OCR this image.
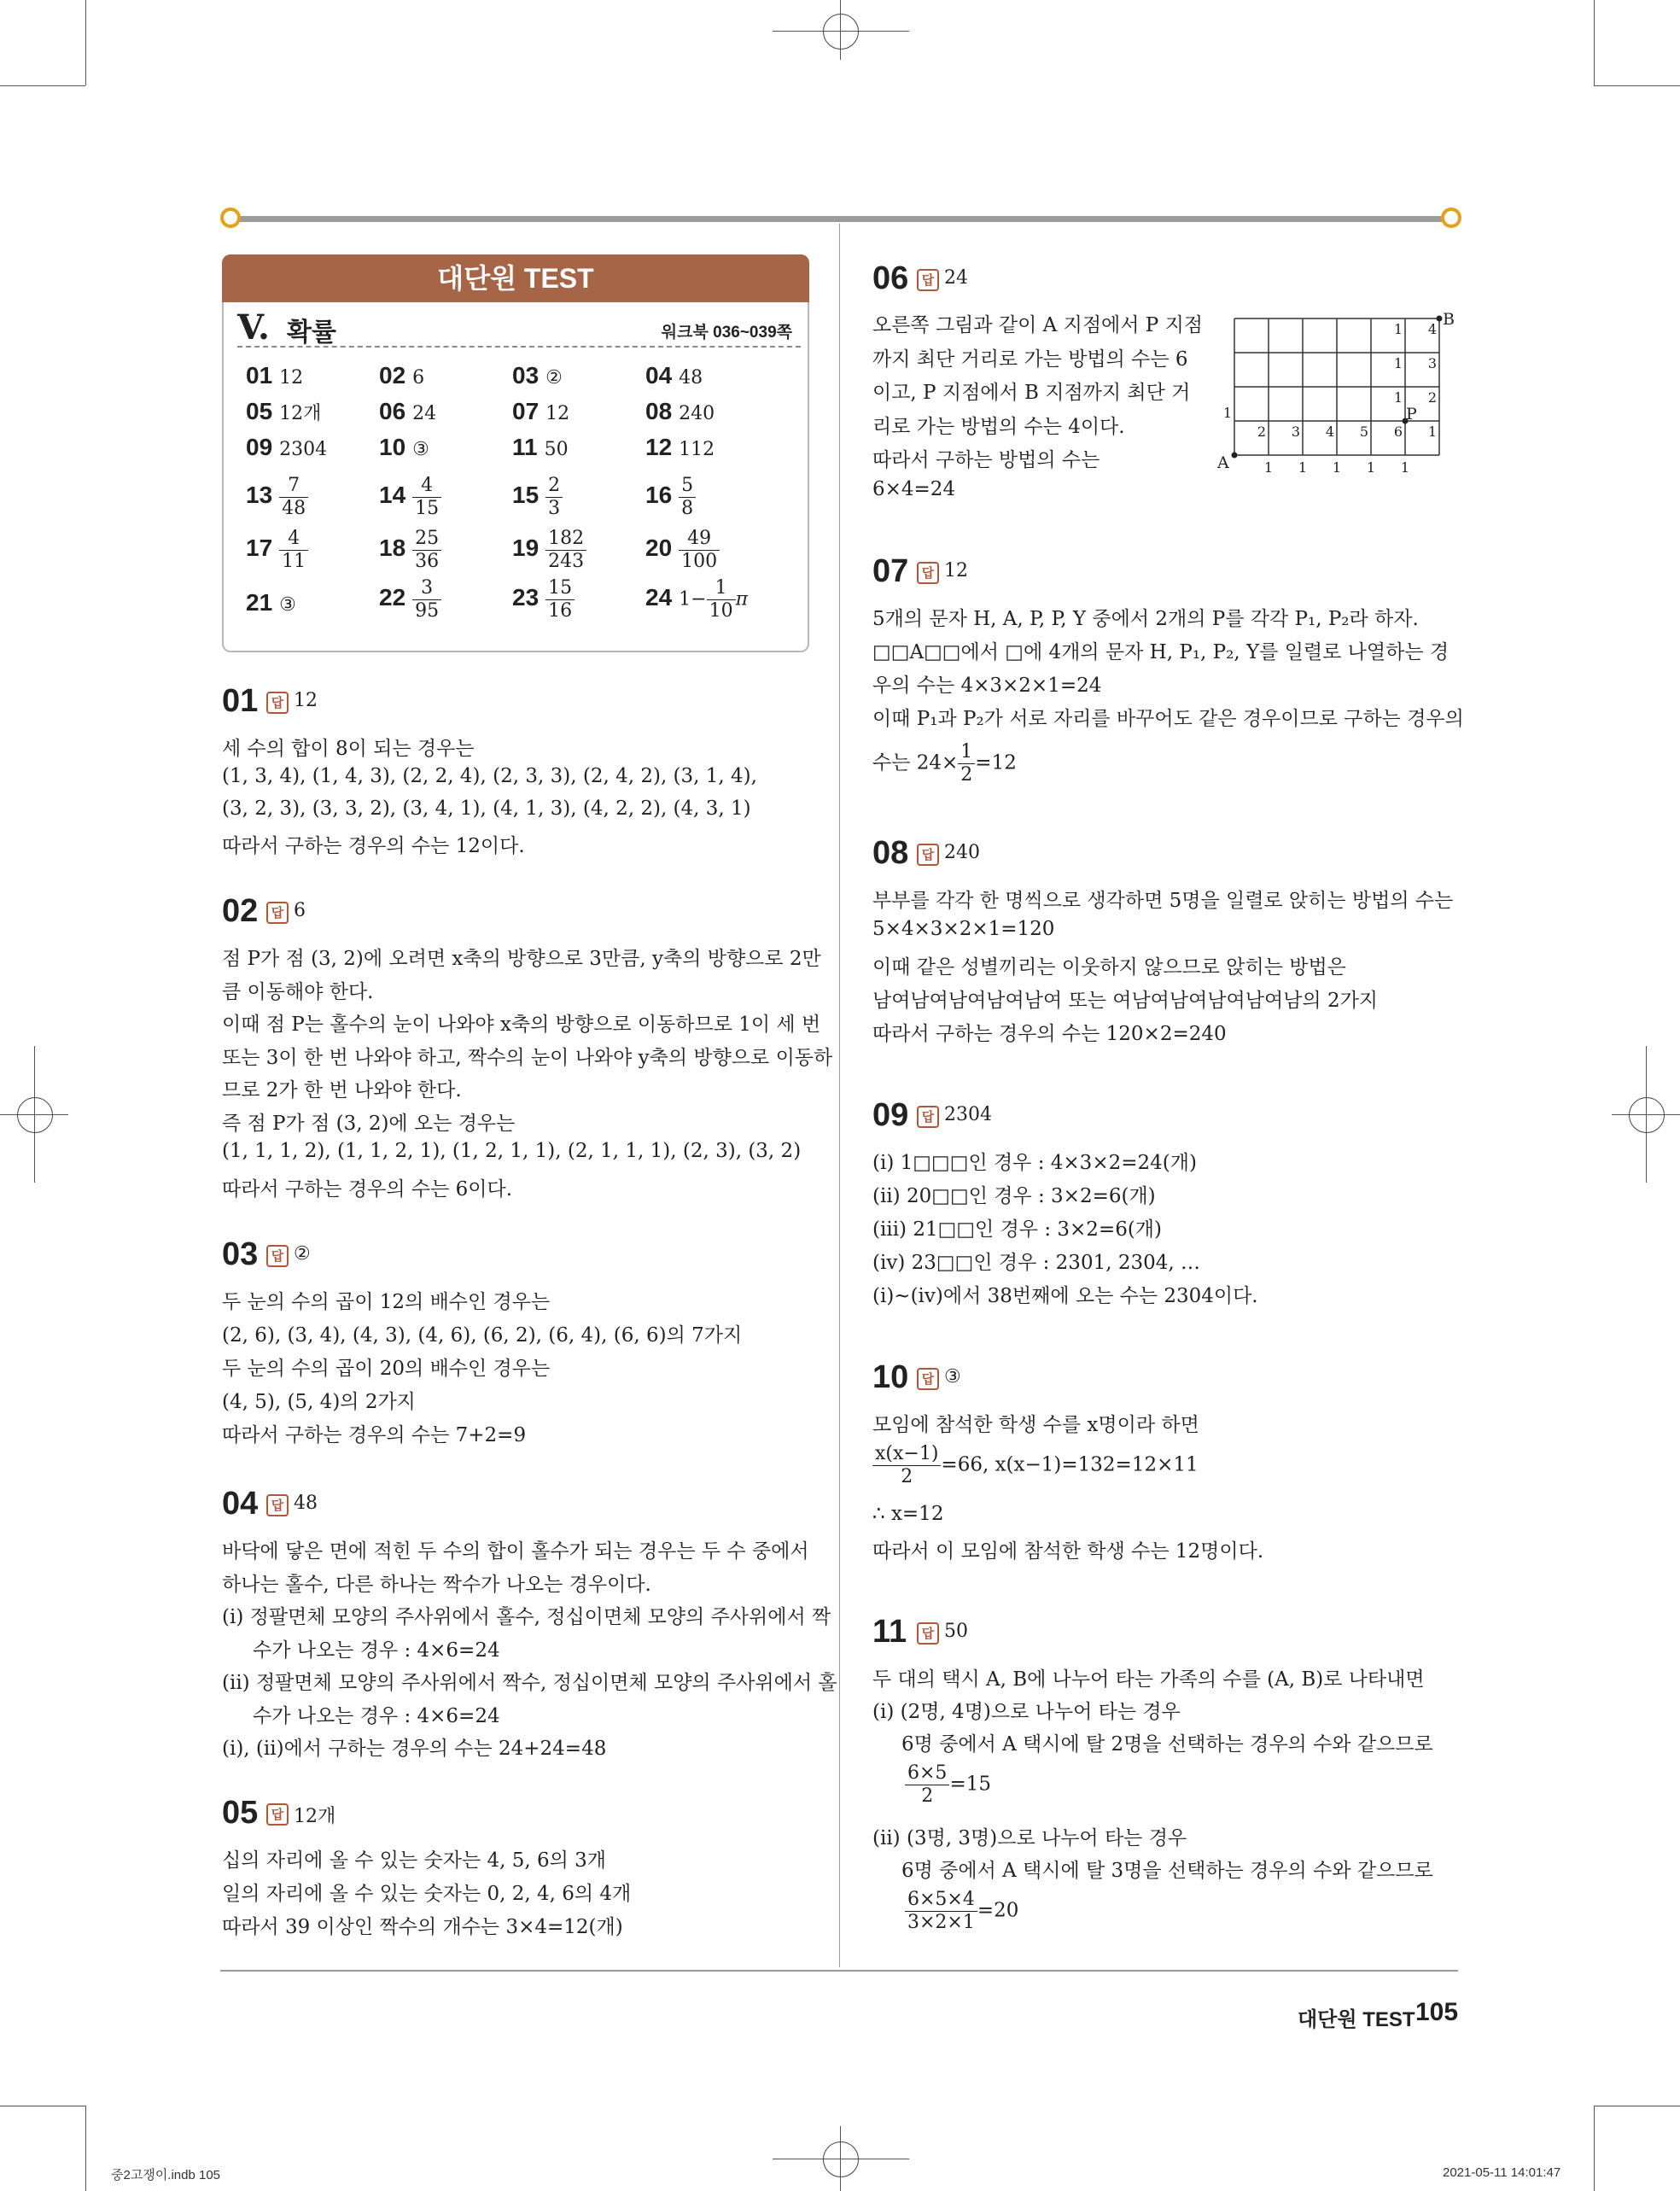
대단원 TEST
V. 확률	워크북 036~039쪽
01 12	02 6	03 ②	04 48
05 12개 06 24	07 12	08 240
09 2304 10 ③	11 50	12 112
$13 \frac{7}{48}$	$14 \frac{4}{15}$	$15 \frac{2}{3}$	$16 \frac{5}{8}$
$17 \frac{4}{11}$	$18 \frac{25}{36}$	$19 \frac{182}{243} 20 \frac{49}{100}$
21 ③	$22 \frac{3}{95}$	$23 \frac{15}{16}$	24 $1- \frac{1}{10}$ π
01	답 12
세 수의 합이 8이 되는 경우는
(1, 3, 4), (1, 4, 3), (2, 2, 4), (2, 3, 3), (2, 4, 2), (3, 1, 4),
(3, 2, 3), (3, 3, 2), (3, 4, 1), (4, 1, 3), (4, 2, 2), (4, 3, 1)
따라서 구하는 경우의 수는 12이다.
02	답 6
점 P가 점 (3, 2)에 오려면 x축의 방향으로 3만큼, y축의 방향으로 2만
큼 이동해야 한다.
이때 점 P는 홀수의 눈이 나와야 x축의 방향으로 이동하므로 1이 세 번
또는 3이 한 번 나와야 하고, 짝수의 눈이 나와야 y축의 방향으로 이동하
므로 2가 한 번 나와야 한다.
즉 점 P가 점 (3, 2)에 오는 경우는
(1, 1, 1, 2), (1, 1, 2, 1), (1, 2, 1, 1), (2, 1, 1, 1), (2, 3), (3, 2)
따라서 구하는 경우의 수는 6이다.
03	답 ②
두 눈의 수의 곱이 12의 배수인 경우는
(2, 6), (3, 4), (4, 3), (4, 6), (6, 2), (6, 4), (6, 6)의 7가지
두 눈의 수의 곱이 20의 배수인 경우는
(4, 5), (5, 4)의 2가지
따라서 구하는 경우의 수는 7+2=9
04	답 48
바닥에 닿은 면에 적힌 두 수의 합이 홀수가 되는 경우는 두 수 중에서
하나는 홀수, 다른 하나는 짝수가 나오는 경우이다.
(ⅰ) 정팔면체 모양의 주사위에서 홀수, 정십이면체 모양의 주사위에서 짝
수가 나오는 경우 : 4×6=24
(ⅱ) 정팔면체 모양의 주사위에서 짝수, 정십이면체 모양의 주사위에서 홀
수가 나오는 경우 : 4×6=24
(ⅰ), (ⅱ)에서 구하는 경우의 수는 24+24=48
05	답 12개
십의 자리에 올 수 있는 숫자는 4, 5, 6의 3개
일의 자리에 올 수 있는 숫자는 0, 2, 4, 6의 4개
따라서 39 이상인 짝수의 개수는 3×4=12(개)
06	답 24
오른쪽 그림과 같이 A 지점에서 P 지점
까지 최단 거리로 가는 방법의 수는 6
이고, P 지점에서 B 지점까지 최단 거
리로 가는 방법의 수는 4이다.
따라서 구하는 방법의 수는
6×4=24
07	답 12
5개의 문자 H, A, P, P, Y 중에서 2개의 P를 각각 P₁, P₂라 하자.
□□A□□에서 □에 4개의 문자 H, P₁, P₂, Y를 일렬로 나열하는 경
우의 수는 4×3×2×1=24
이때 P₁과 P₂가 서로 자리를 바꾸어도 같은 경우이므로 구하는 경우의
08	답 240
부부를 각각 한 명씩으로 생각하면 5명을 일렬로 앉히는 방법의 수는
5×4×3×2×1=120
이때 같은 성별끼리는 이웃하지 않으므로 앉히는 방법은
남여남여남여남여남여 또는 여남여남여남여남여남의 2가지
따라서 구하는 경우의 수는 120×2=240
09	답 2304
(ⅰ) 1□□□인 경우 : 4×3×2=24(개)
(ⅱ) 20□□인 경우 : 3×2=6(개)
(ⅲ) 21□□인 경우 : 3×2=6(개)
(ⅳ) 23□□인 경우 : 2301, 2304, …
(ⅰ)~(ⅳ)에서 38번째에 오는 수는 2304이다.
10	답 ③
11	답 50
A
B
P
1 4
1 3
1 2
1
2 3 4 5 6 1
1 1 1 1 1
수는 $24\times \frac{1}{2} =12$
모임에 참석한 학생 수를 x명이라 하면
$\frac{x(x-1)}{2} =66$, x(x−1)=132=12×11
∴ x=12
따라서 이 모임에 참석한 학생 수는 12명이다.
두 대의 택시 A, B에 나누어 타는 가족의 수를 (A, B)로 나타내면
(ⅰ) (2명, 4명)으로 나누어 타는 경우
6명 중에서 A 택시에 탈 2명을 선택하는 경우의 수와 같으므로
$\frac{6\times 5}{2} =15$
(ⅱ) (3명, 3명)으로 나누어 타는 경우
6명 중에서 A 택시에 탈 3명을 선택하는 경우의 수와 같으므로
$\frac{6\times 5\times 4}{3\times 2\times 1} =20$
대단원 TEST 105
중2고쟁이.indb 105	2021-05-11 14:01:47
